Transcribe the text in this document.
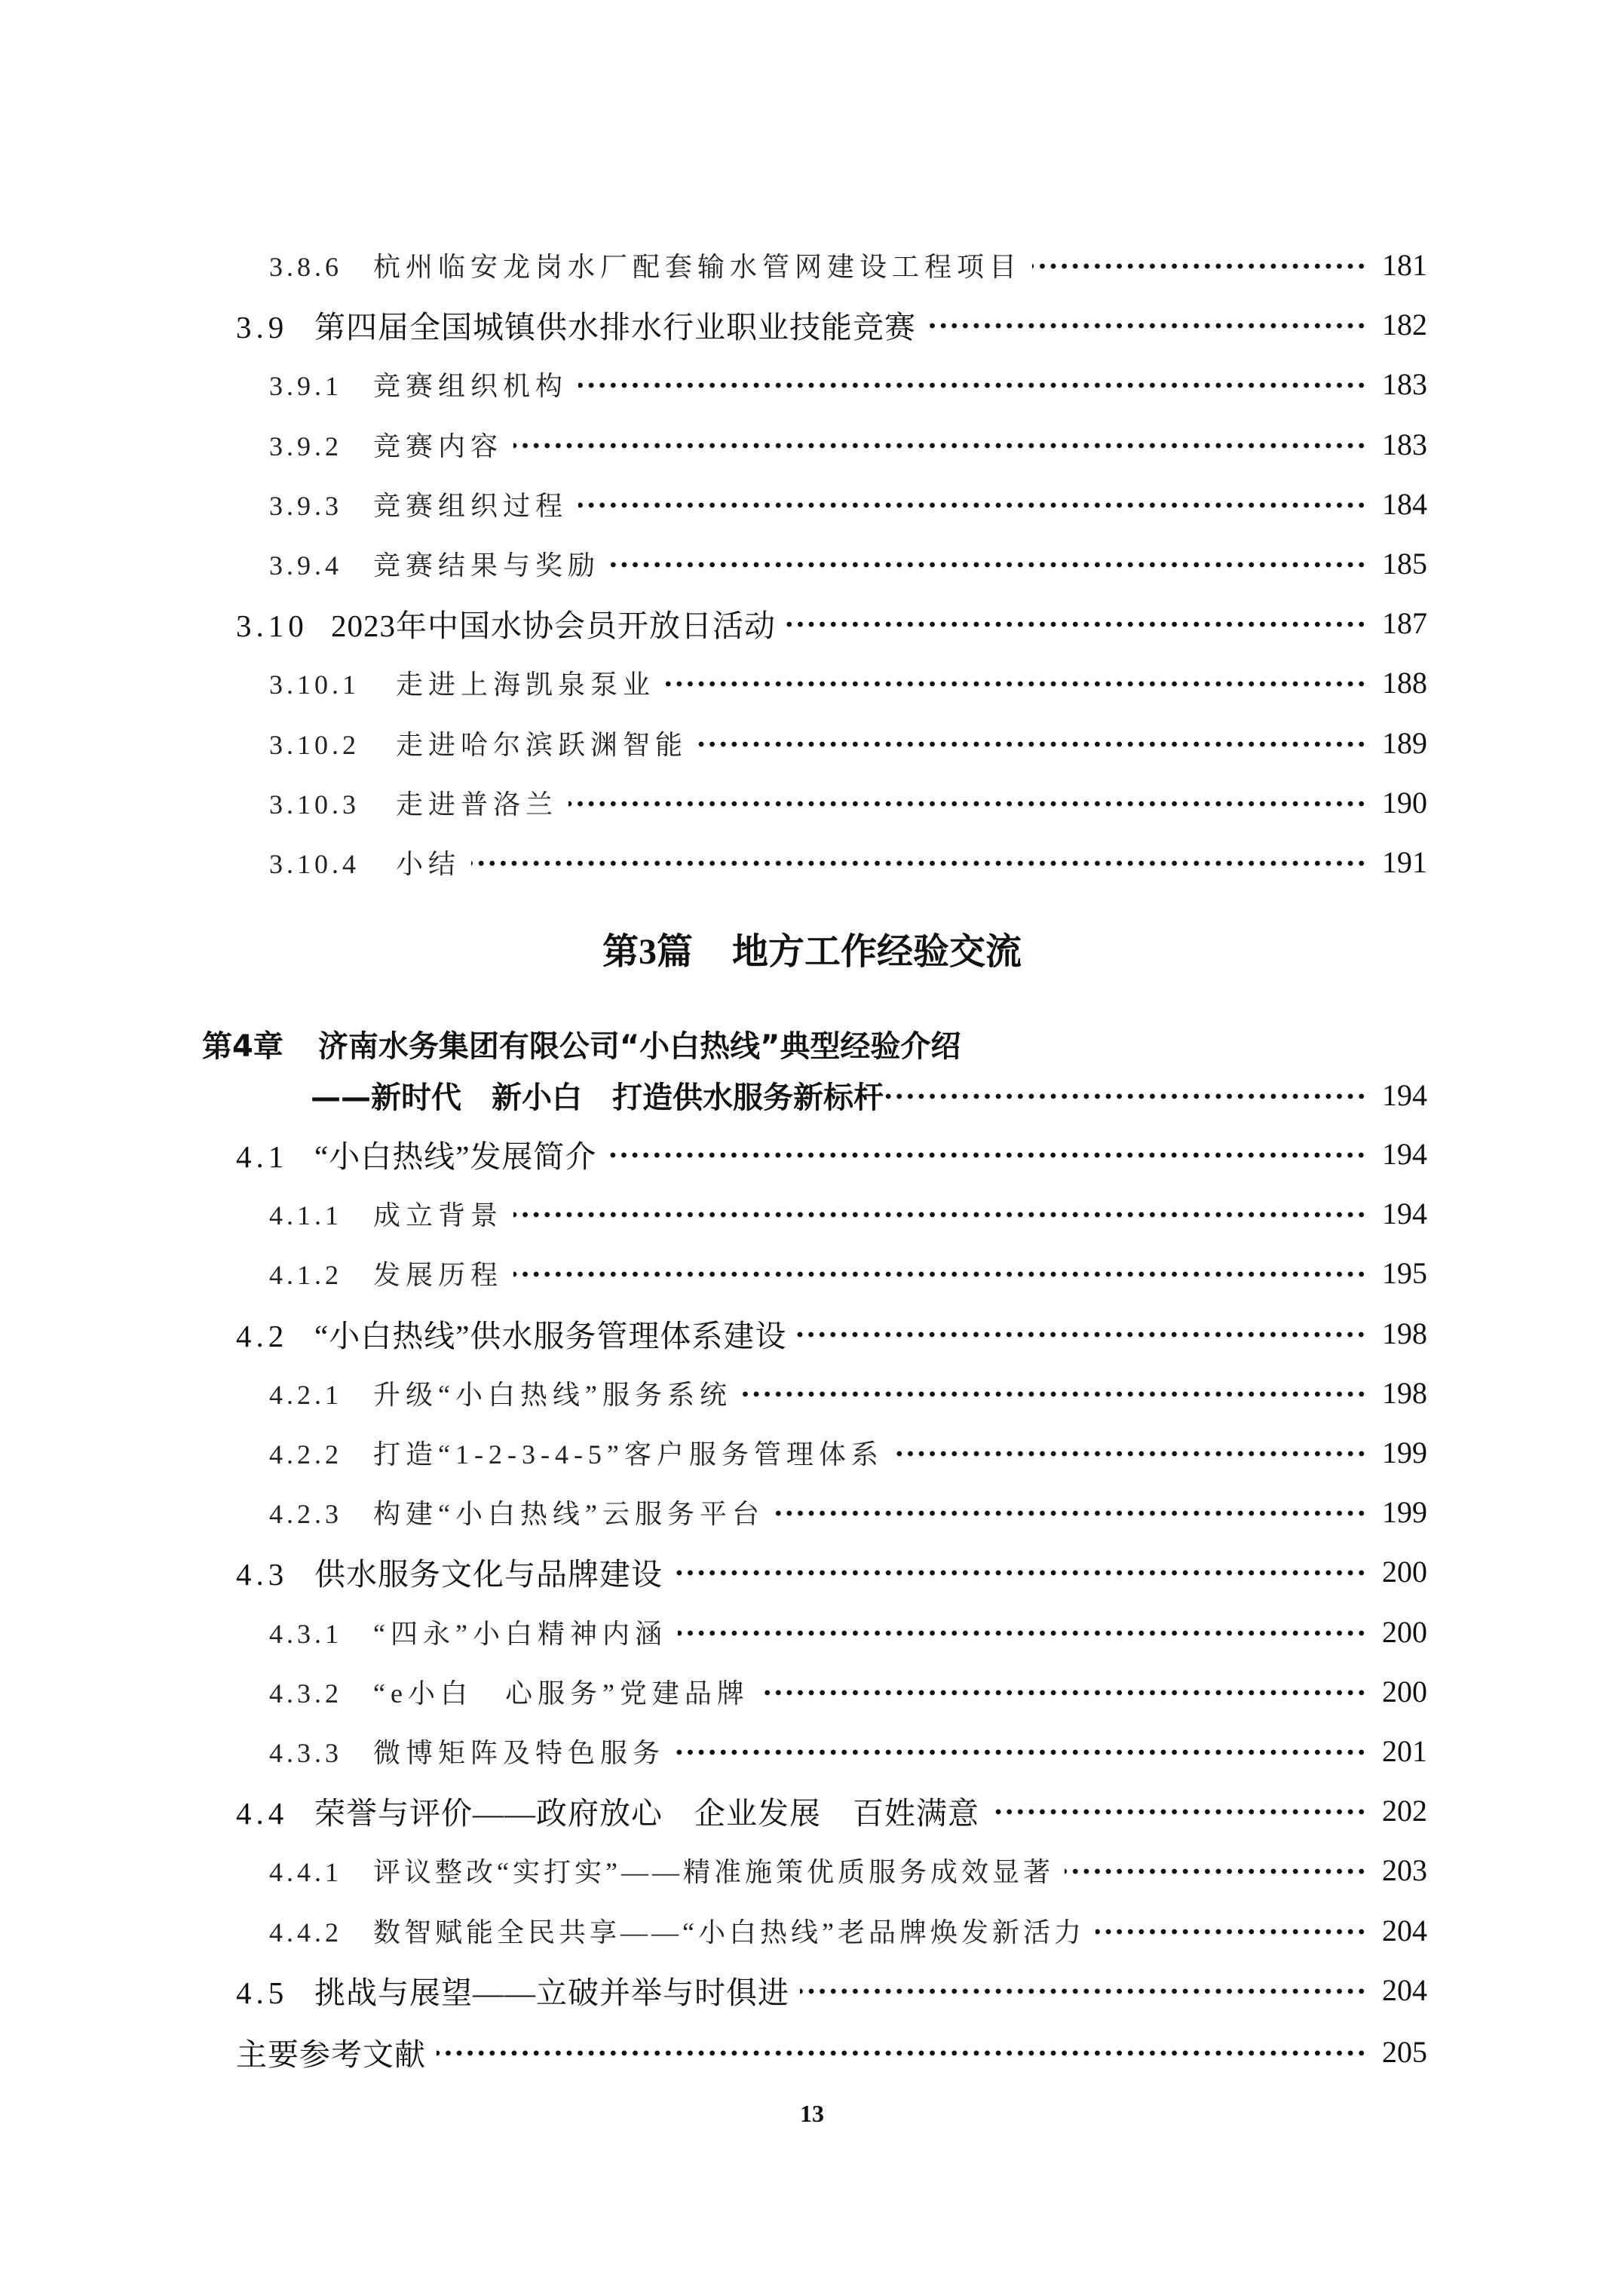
3.8.6 杭州临安龙岗水厂配套输水管网建设工程项目	181
3.9 第四届全国城镇供水排水行业职业技能竞赛	182
3.9.1 竞赛组织机构	183
3.9.2 竞赛内容	183
3.9.3 竞赛组织过程	184
3.9.4 竞赛结果与奖励	185
3.10 2023年中国水协会员开放日活动	187
3.10.1 走进上海凯泉泵业	188
3.10.2 走进哈尔滨跃渊智能	189
3.10.3 走进普洛兰	190
3.10.4 小结	191
第3篇 地方工作经验交流
第4章 济南水务集团有限公司“小白热线”典型经验介绍
——新时代　新小白　打造供水服务新标杆	194
4.1 “小白热线”发展简介	194
4.1.1 成立背景	194
4.1.2 发展历程	195
4.2 “小白热线”供水服务管理体系建设	198
4.2.1 升级“小白热线”服务系统	198
4.2.2 打造“1-2-3-4-5”客户服务管理体系	199
4.2.3 构建“小白热线”云服务平台	199
4.3 供水服务文化与品牌建设	200
4.3.1 “四永”小白精神内涵	200
4.3.2 “e小白　心服务”党建品牌	200
4.3.3 微博矩阵及特色服务	201
4.4 荣誉与评价——政府放心　企业发展　百姓满意	202
4.4.1 评议整改“实打实”——精准施策优质服务成效显著	203
4.4.2 数智赋能全民共享——“小白热线”老品牌焕发新活力	204
4.5 挑战与展望——立破并举与时俱进	204
主要参考文献	205
13
